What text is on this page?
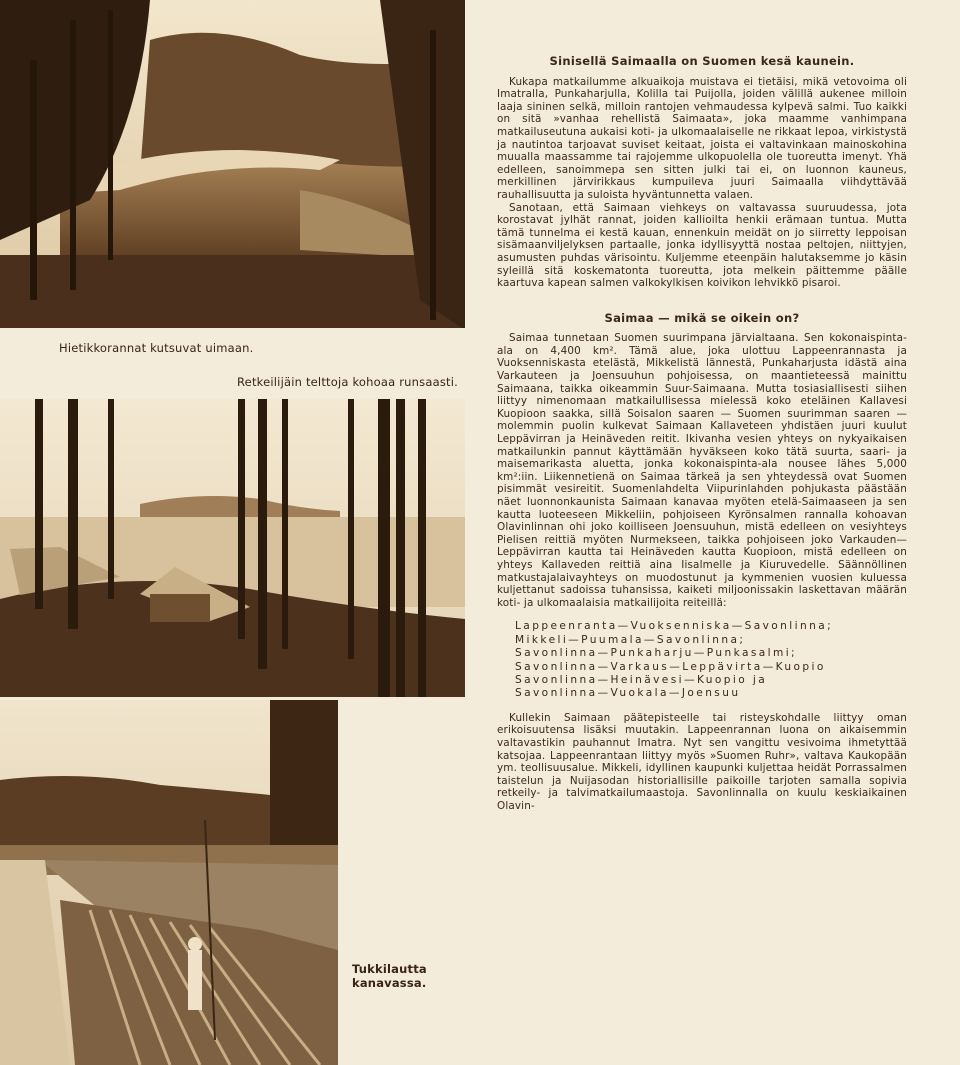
Hietikkorannat kutsuvat uimaan.
Retkeilijäin telttoja kohoaa runsaasti.
Tukkilautta
kanavassa.
Sinisellä Saimaalla on Suomen kesä kaunein.

Kukapa matkailumme alkuaikoja muistava ei tietäisi, mikä vetovoima oli Imatralla, Punkaharjulla, Kolilla tai Puijolla, joiden välillä aukenee milloin laaja sininen selkä, milloin rantojen vehmaudessa kylpevä salmi. Tuo kaikki on sitä »vanhaa rehellistä Saimaata», joka maamme vanhimpana matkailuseutuna aukaisi koti- ja ulkomaalaiselle ne rikkaat lepoa, virkistystä ja nautintoa tarjoavat suviset keitaat, joista ei valtavinkaan mainoskohina muualla maassamme tai rajojemme ulkopuolella ole tuoreutta imenyt. Yhä edelleen, sanoimmepa sen sitten julki tai ei, on luonnon kauneus, merkillinen järvirikkaus kumpuileva juuri Saimaalla viihdyttävää rauhallisuutta ja suloista hyväntunnetta valaen.

Sanotaan, että Saimaan viehkeys on valtavassa suuruudessa, jota korostavat jylhät rannat, joiden kallioilta henkii erämaan tuntua. Mutta tämä tunnelma ei kestä kauan, ennenkuin meidät on jo siirretty leppoisan sisämaanviljelyksen partaalle, jonka idyllisyyttä nostaa peltojen, niittyjen, asumusten puhdas värisointu. Kuljemme eteenpäin halutaksemme jo käsin syleillä sitä koskematonta tuoreutta, jota melkein päittemme päälle kaartuva kapean salmen valkokylkisen koivikon lehvikkö pisaroi.

Saimaa — mikä se oikein on?

Saimaa tunnetaan Suomen suurimpana järvialtaana. Sen kokonaispinta-ala on 4,400 km². Tämä alue, joka ulottuu Lappeenrannasta ja Vuoksenniskasta etelästä, Mikkelistä lännestä, Punkaharjusta idästä aina Varkauteen ja Joensuuhun pohjoisessa, on maantieteessä mainittu Saimaana, taikka oikeammin Suur-Saimaana. Mutta tosiasiallisesti siihen liittyy nimenomaan matkailullisessa mielessä koko eteläinen Kallavesi Kuopioon saakka, sillä Soisalon saaren — Suomen suurimman saaren — molemmin puolin kulkevat Saimaan Kallaveteen yhdistäen juuri kuulut Leppävirran ja Heinäveden reitit. Ikivanha vesien yhteys on nykyaikaisen matkailunkin pannut käyttämään hyväkseen koko tätä suurta, saari- ja maisemarikasta aluetta, jonka kokonaispinta-ala nousee lähes 5,000 km²:iin. Liikennetienä on Saimaa tärkeä ja sen yhteydessä ovat Suomen pisimmät vesireitit. Suomenlahdelta Viipurinlahden pohjukasta päästään näet luonnonkaunista Saimaan kanavaa myöten etelä-Saimaaseen ja sen kautta luoteeseen Mikkeliin, pohjoiseen Kyrönsalmen rannalla kohoavan Olavinlinnan ohi joko koilliseen Joensuuhun, mistä edelleen on vesiyhteys Pielisen reittiä myöten Nurmekseen, taikka pohjoiseen joko Varkauden—Leppävirran kautta tai Heinäveden kautta Kuopioon, mistä edelleen on yhteys Kallaveden reittiä aina Iisalmelle ja Kiuruvedelle. Säännöllinen matkustajalaivayhteys on muodostunut ja kymmenien vuosien kuluessa kuljettanut sadoissa tuhansissa, kaiketi miljoonissakin laskettavan määrän koti- ja ulkomaalaisia matkailijoita reiteillä:

Lappeenranta—Vuoksenniska—Savonlinna;
Mikkeli—Puumala—Savonlinna;
Savonlinna—Punkaharju—Punkasalmi;
Savonlinna—Varkaus—Leppävirta—Kuopio
Savonlinna—Heinävesi—Kuopio ja
Savonlinna—Vuokala—Joensuu

Kullekin Saimaan päätepisteelle tai risteyskohdalle liittyy oman erikoisuutensa lisäksi muutakin. Lappeenrannan luona on aikaisemmin valtavastikin pauhannut Imatra. Nyt sen vangittu vesivoima ihmetyttää katsojaa. Lappeenrantaan liittyy myös »Suomen Ruhr», valtava Kaukopään ym. teollisuusalue. Mikkeli, idyllinen kaupunki kuljettaa heidät Porrassalmen taistelun ja Nuijasodan historiallisille paikoille tarjoten samalla sopivia retkeily- ja talvimatkailumaastoja. Savonlinnalla on kuulu keskiaikainen Olavin-
